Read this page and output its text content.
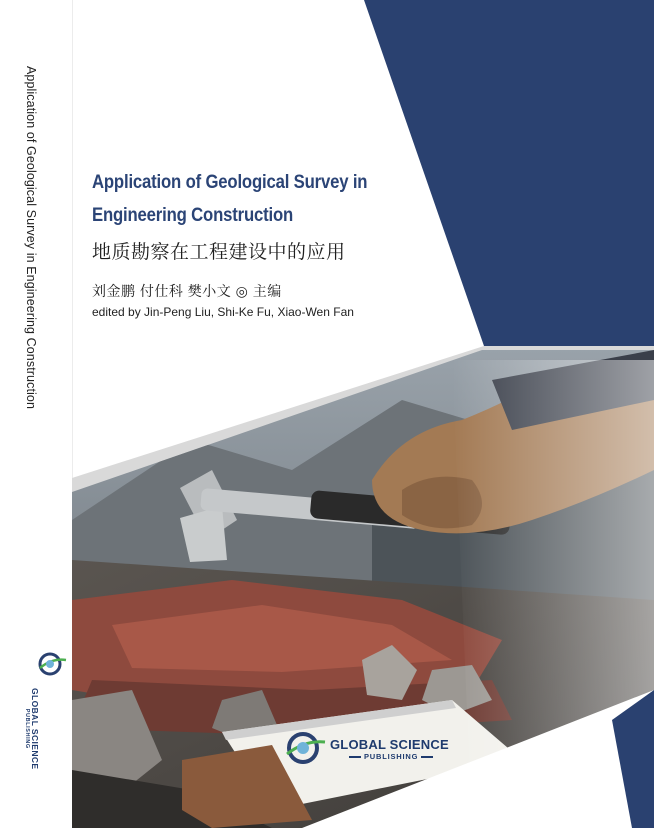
Application of Geological Survey in Engineering Construction
GLOBAL SCIENCE
PUBLISHING
Application of Geological Survey in
Engineering Construction
地质勘察在工程建设中的应用
刘金鹏 付仕科 樊小文 ◎ 主编
edited by Jin-Peng Liu, Shi-Ke Fu, Xiao-Wen Fan
GLOBAL SCIENCE
PUBLISHING
